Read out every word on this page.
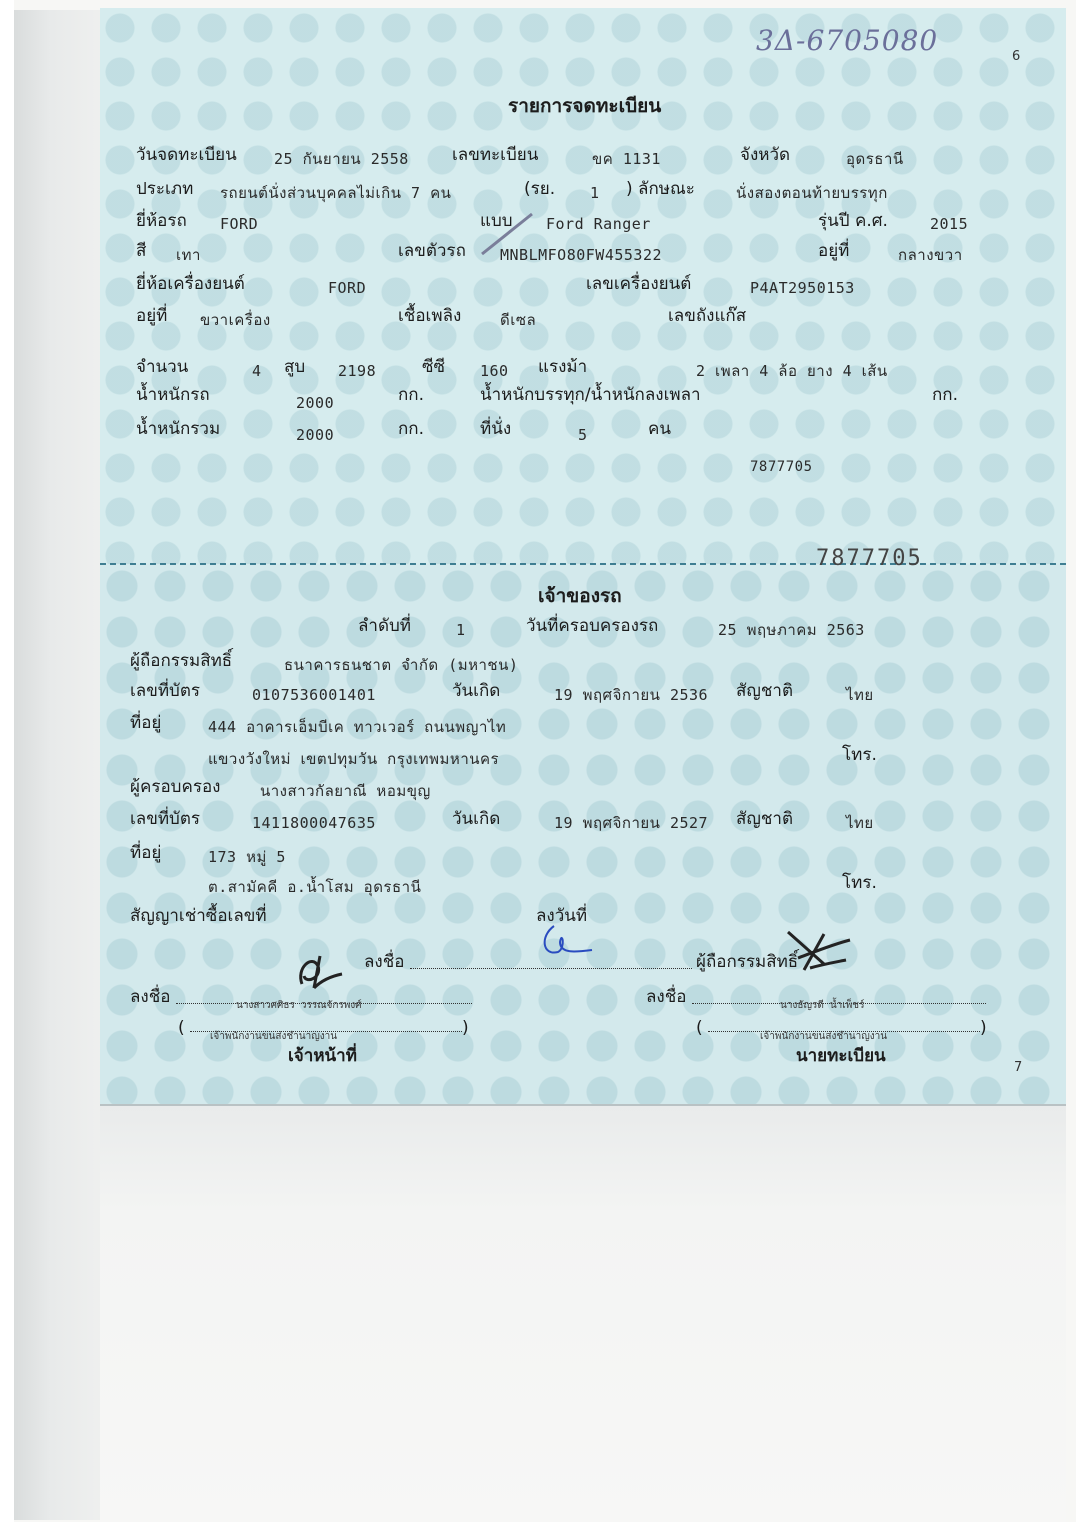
3Δ-6705080	6
รายการจดทะเบียน
วันจดทะเบียน 25 กันยายน 2558	เลขทะเบียน	ขค 1131	จังหวัด	อุดรธานี
ประเภท รถยนต์นั่งส่วนบุคคลไม่เกิน 7 คน	(รย. 1 ) ลักษณะ	นั่งสองตอนท้ายบรรทุก
ยี่ห้อรถ FORD	แบบ Ford Ranger	รุ่นปี ค.ศ.	2015
สี เทา	เลขตัวรถ MNBLMFO80FW455322	อยู่ที่	กลางขวา
ยี่ห้อเครื่องยนต์	FORD	เลขเครื่องยนต์	P4AT2950153
อยู่ที่ ขวาเครื่อง	เชื้อเพลิง	ดีเซล	เลขถังแก๊ส
จำนวน	4 สูบ 2198	ซีซี 160 แรงม้า	2 เพลา 4 ล้อ ยาง 4 เส้น
น้ำหนักรถ	2000	กก.	น้ำหนักบรรทุก/น้ำหนักลงเพลา	กก.
น้ำหนักรวม	2000	กก.	ที่นั่ง	5	คน
7877705
7877705
เจ้าของรถ
ลำดับที่	1	วันที่ครอบครองรถ	25 พฤษภาคม 2563
ผู้ถือกรรมสิทธิ์	ธนาคารธนชาต จำกัด (มหาชน)
เลขที่บัตร	0107536001401	วันเกิด	19 พฤศจิกายน 2536 สัญชาติ	ไทย
ที่อยู่	444 อาคารเอ็มบีเค ทาวเวอร์ ถนนพญาไท
แขวงวังใหม่ เขตปทุมวัน กรุงเทพมหานคร	โทร.
ผู้ครอบครอง	นางสาวกัลยาณี หอมขุญ
เลขที่บัตร	1411800047635	วันเกิด	19 พฤศจิกายน 2527 สัญชาติ	ไทย
ที่อยู่	173 หมู่ 5
ต.สามัคคี อ.น้ำโสม อุดรธานี	โทร.
สัญญาเช่าซื้อเลขที่	ลงวันที่
ลงชื่อ	ผู้ถือกรรมสิทธิ์
ลงชื่อ	นางสาวศศิธร วรรณจักรพงศ์
(	เจ้าพนักงานขนส่งชำนาญงาน	)
เจ้าหน้าที่
ลงชื่อ	นางธัญรดี น้ำเพ็ชร์
(	เจ้าพนักงานขนส่งชำนาญงาน	)
นายทะเบียน
7
